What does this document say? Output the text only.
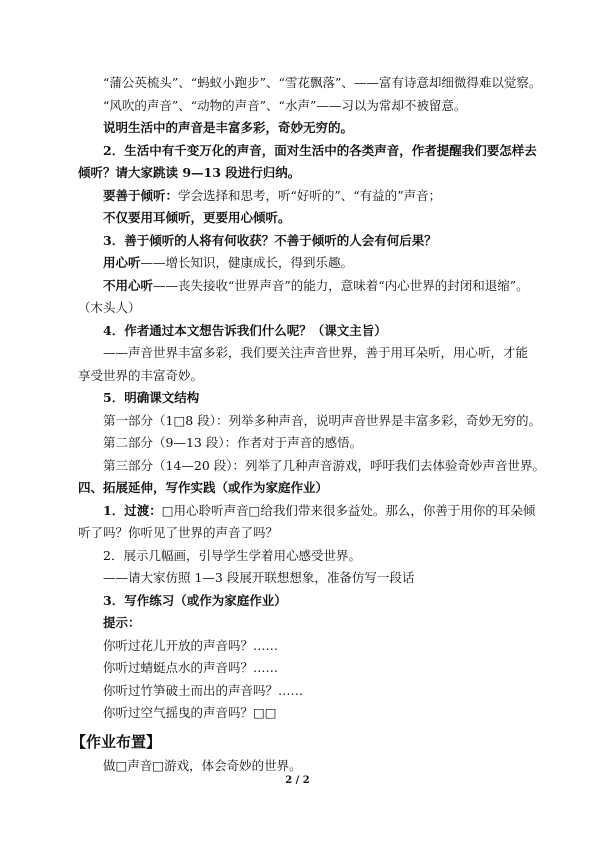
“蒲公英梳头”、“蚂蚁小跑步”、“雪花飘落”、——富有诗意却细微得难以觉察。
“风吹的声音”、“动物的声音”、“水声”——习以为常却不被留意。
说明生活中的声音是丰富多彩，奇妙无穷的。
2．生活中有千变万化的声音，面对生活中的各类声音，作者提醒我们要怎样去倾听？请大家跳读 9—13 段进行归纳。
要善于倾听：学会选择和思考，听“好听的”、“有益的”声音；
不仅要用耳倾听，更要用心倾听。
3．善于倾听的人将有何收获？不善于倾听的人会有何后果？
用心听——增长知识，健康成长，得到乐趣。
不用心听——丧失接收“世界声音”的能力，意味着“内心世界的封闭和退缩”。（木头人）
4．作者通过本文想告诉我们什么呢？（课文主旨）
——声音世界丰富多彩，我们要关注声音世界，善于用耳朵听，用心听，才能享受世界的丰富奇妙。
5．明确课文结构
第一部分（1□8 段）：列举多种声音，说明声音世界是丰富多彩，奇妙无穷的。
第二部分（9—13 段）：作者对于声音的感悟。
第三部分（14—20 段）：列举了几种声音游戏，呼吁我们去体验奇妙声音世界。
四、拓展延伸，写作实践（或作为家庭作业）
1．过渡：□用心聆听声音□给我们带来很多益处。那么，你善于用你的耳朵倾听了吗？你听见了世界的声音了吗？
2．展示几幅画，引导学生学着用心感受世界。
——请大家仿照 1—3 段展开联想想象，准备仿写一段话
3．写作练习（或作为家庭作业）
提示：
你听过花儿开放的声音吗？……
你听过蜻蜓点水的声音吗？……
你听过竹笋破土而出的声音吗？……
你听过空气摇曳的声音吗？□□
【作业布置】
做□声音□游戏，体会奇妙的世界。
2 / 2
